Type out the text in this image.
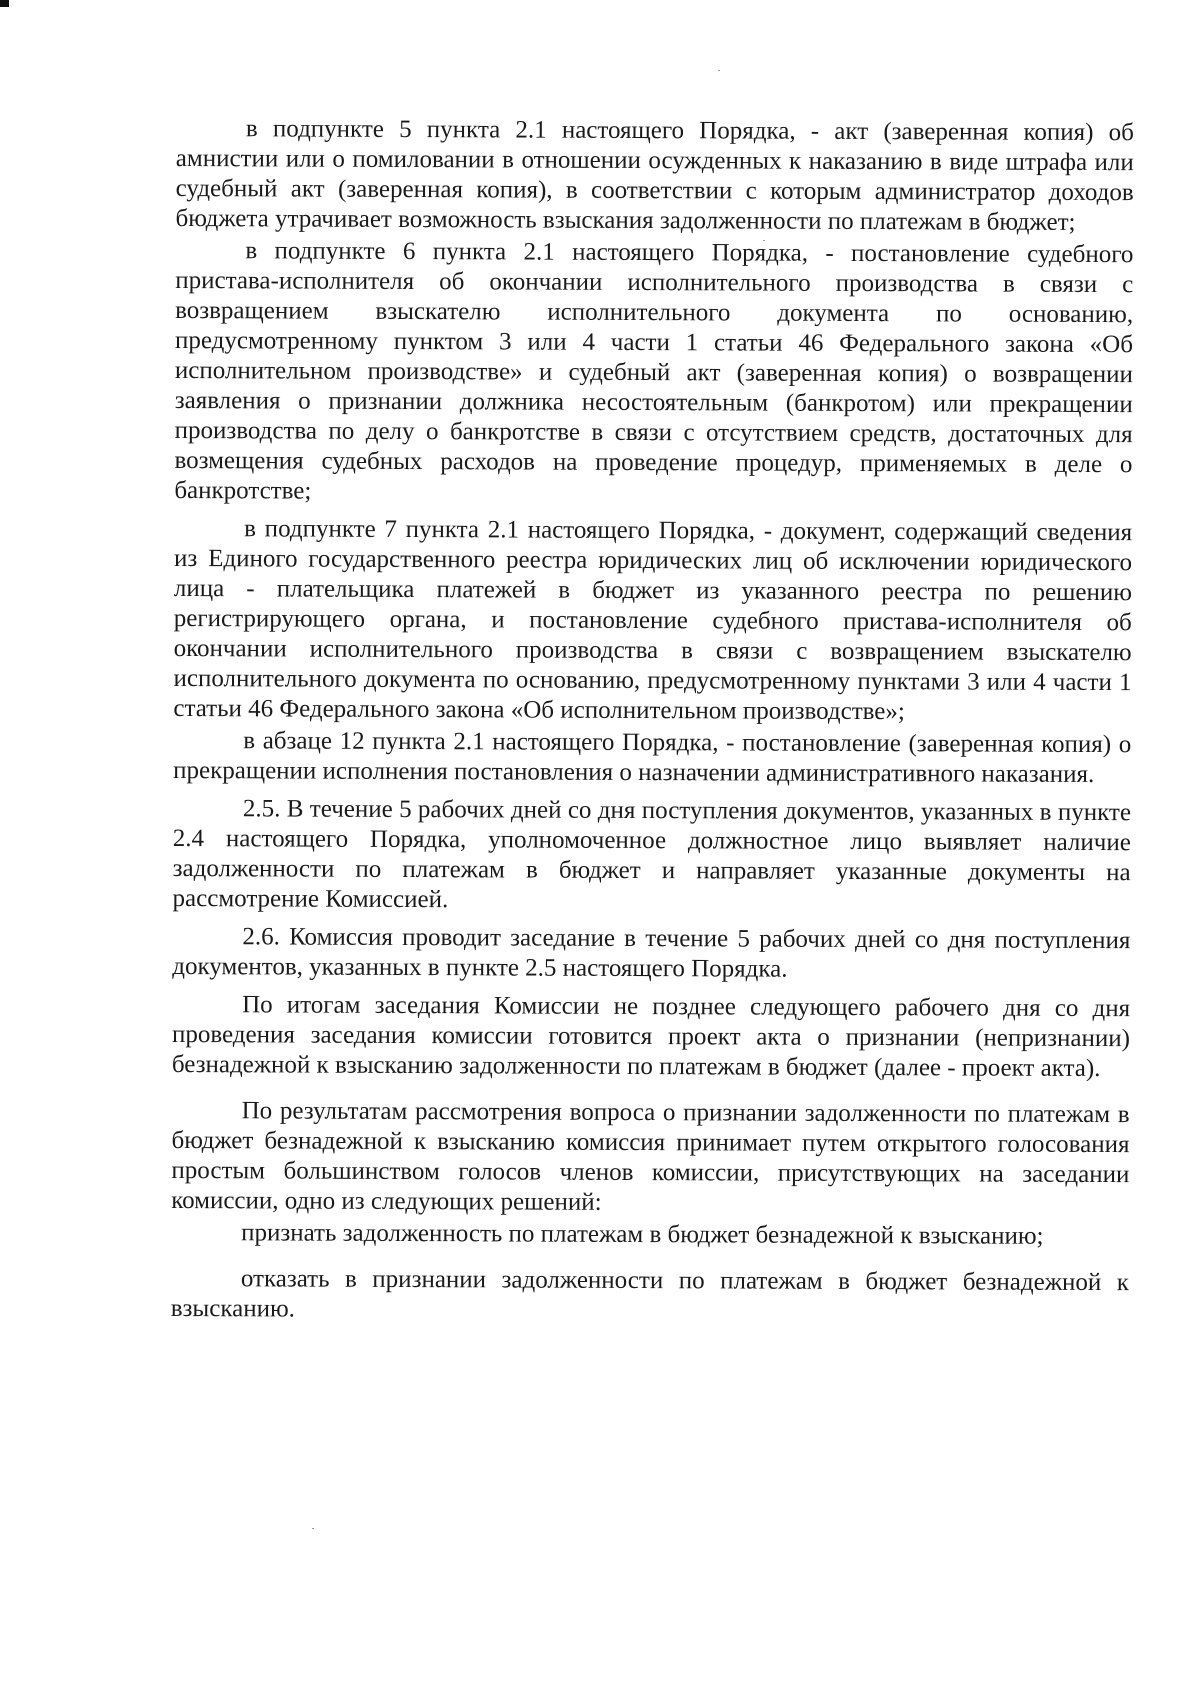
в подпункте 5 пункта 2.1 настоящего Порядка, - акт (заверенная копия) об амнистии или о помиловании в отношении осужденных к наказанию в виде штрафа или судебный акт (заверенная копия), в соответствии с которым администратор доходов бюджета утрачивает возможность взыскания задолженности по платежам в бюджет;

в подпункте 6 пункта 2.1 настоящего Порядка, - постановление судебного пристава-исполнителя об окончании исполнительного производства в связи с возвращением взыскателю исполнительного документа по основанию, предусмотренному пунктом 3 или 4 части 1 статьи 46 Федерального закона «Об исполнительном производстве» и судебный акт (заверенная копия) о возвращении заявления о признании должника несостоятельным (банкротом) или прекращении производства по делу о банкротстве в связи с отсутствием средств, достаточных для возмещения судебных расходов на проведение процедур, применяемых в деле о банкротстве;

в подпункте 7 пункта 2.1 настоящего Порядка, - документ, содержащий сведения из Единого государственного реестра юридических лиц об исключении юридического лица - плательщика платежей в бюджет из указанного реестра по решению регистрирующего органа, и постановление судебного пристава-исполнителя об окончании исполнительного производства в связи с возвращением взыскателю исполнительного документа по основанию, предусмотренному пунктами 3 или 4 части 1 статьи 46 Федерального закона «Об исполнительном производстве»;

в абзаце 12 пункта 2.1 настоящего Порядка, - постановление (заверенная копия) о прекращении исполнения постановления о назначении административного наказания.

2.5. В течение 5 рабочих дней со дня поступления документов, указанных в пункте 2.4 настоящего Порядка, уполномоченное должностное лицо выявляет наличие задолженности по платежам в бюджет и направляет указанные документы на рассмотрение Комиссией.

2.6. Комиссия проводит заседание в течение 5 рабочих дней со дня поступления документов, указанных в пункте 2.5 настоящего Порядка.

По итогам заседания Комиссии не позднее следующего рабочего дня со дня проведения заседания комиссии готовится проект акта о признании (непризнании) безнадежной к взысканию задолженности по платежам в бюджет (далее - проект акта).

По результатам рассмотрения вопроса о признании задолженности по платежам в бюджет безнадежной к взысканию комиссия принимает путем открытого голосования простым большинством голосов членов комиссии, присутствующих на заседании комиссии, одно из следующих решений:

признать задолженность по платежам в бюджет безнадежной к взысканию;

отказать в признании задолженности по платежам в бюджет безнадежной к взысканию.
